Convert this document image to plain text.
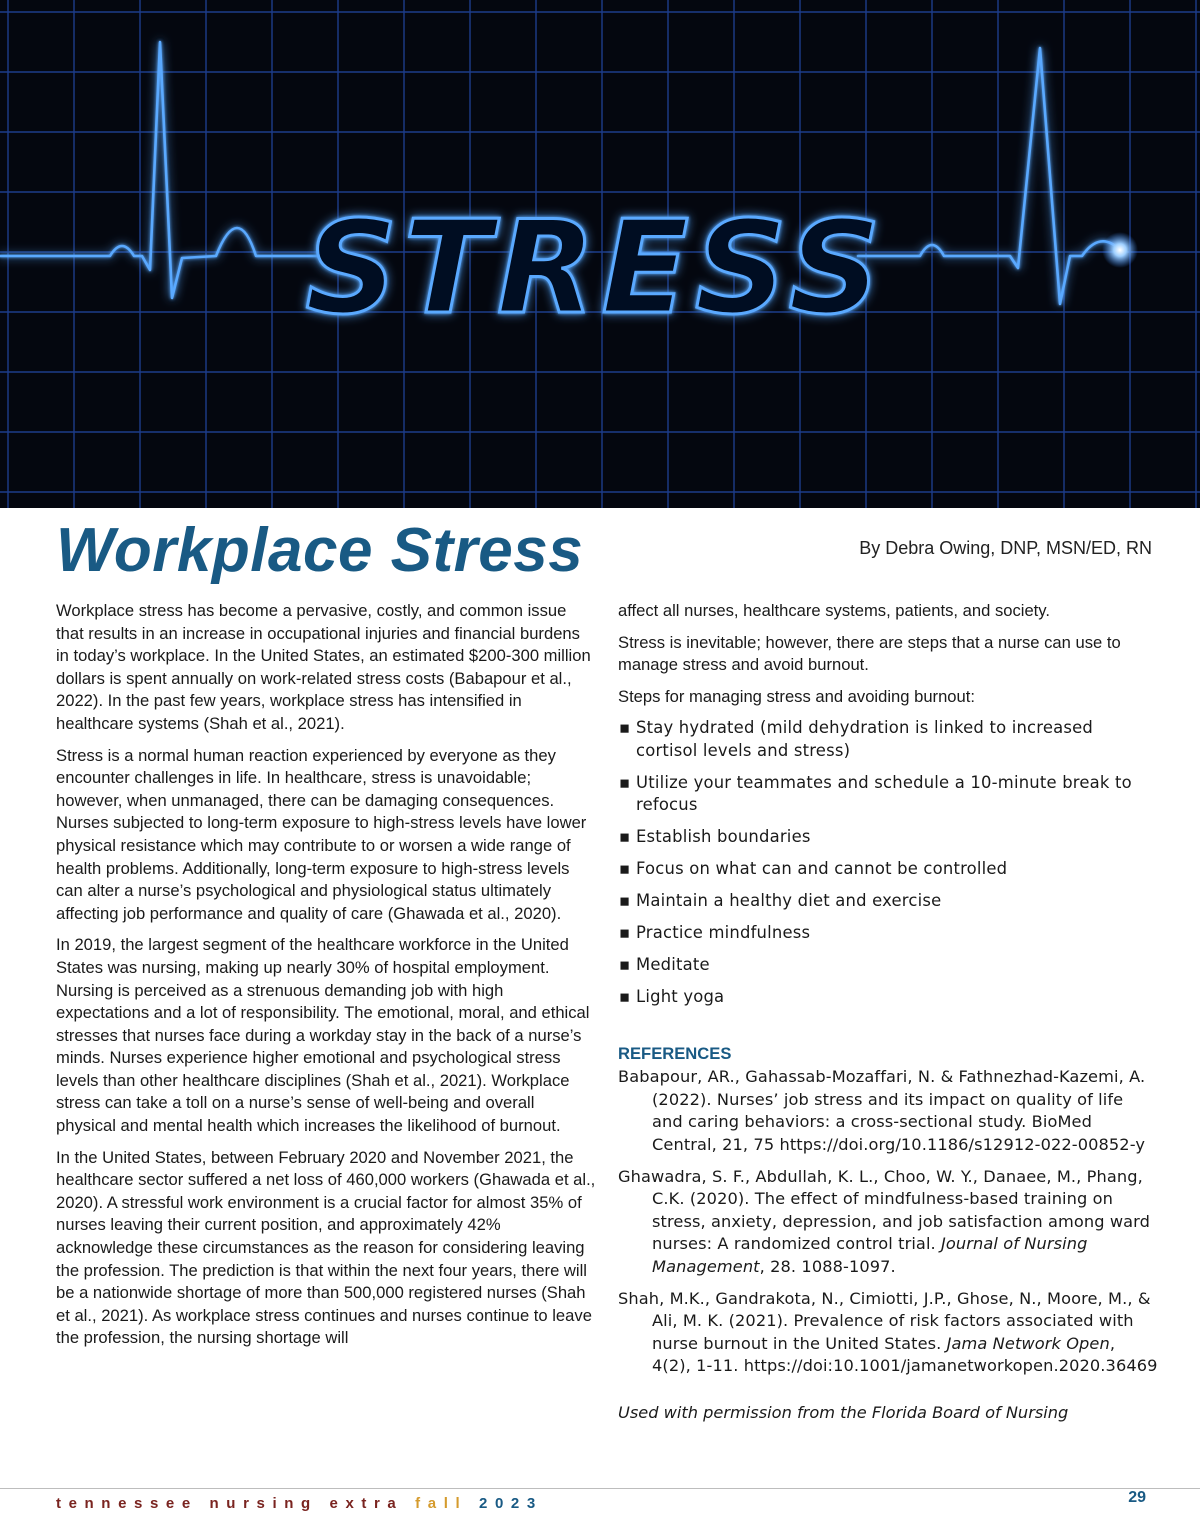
STRESS
Workplace Stress	By Debra Owing, DNP, MSN/ED, RN

Workplace stress has become a pervasive, costly, and common issue that results in an increase in occupational injuries and financial burdens in today’s workplace. In the United States, an estimated $200-300 million dollars is spent annually on work-related stress costs (Babapour et al., 2022). In the past few years, workplace stress has intensified in healthcare systems (Shah et al., 2021).

Stress is a normal human reaction experienced by everyone as they encounter challenges in life. In healthcare, stress is unavoidable; however, when unmanaged, there can be damaging consequences. Nurses subjected to long-term exposure to high-stress levels have lower physical resistance which may contribute to or worsen a wide range of health problems. Additionally, long-term exposure to high-stress levels can alter a nurse’s psychological and physiological status ultimately affecting job performance and quality of care (Ghawada et al., 2020).

In 2019, the largest segment of the healthcare workforce in the United States was nursing, making up nearly 30% of hospital employment. Nursing is perceived as a strenuous demanding job with high expectations and a lot of responsibility. The emotional, moral, and ethical stresses that nurses face during a workday stay in the back of a nurse’s minds. Nurses experience higher emotional and psychological stress levels than other healthcare disciplines (Shah et al., 2021). Workplace stress can take a toll on a nurse’s sense of well-being and overall physical and mental health which increases the likelihood of burnout.

In the United States, between February 2020 and November 2021, the healthcare sector suffered a net loss of 460,000 workers (Ghawada et al., 2020). A stressful work environment is a crucial factor for almost 35% of nurses leaving their current position, and approximately 42% acknowledge these circumstances as the reason for considering leaving the profession. The prediction is that within the next four years, there will be a nationwide shortage of more than 500,000 registered nurses (Shah et al., 2021). As workplace stress continues and nurses continue to leave the profession, the nursing shortage will

affect all nurses, healthcare systems, patients, and society.

Stress is inevitable; however, there are steps that a nurse can use to manage stress and avoid burnout.

Steps for managing stress and avoiding burnout:

▪ Stay hydrated (mild dehydration is linked to increased cortisol levels and stress)
▪ Utilize your teammates and schedule a 10-minute break to refocus
▪ Establish boundaries
▪ Focus on what can and cannot be controlled
▪ Maintain a healthy diet and exercise
▪ Practice mindfulness
▪ Meditate
▪ Light yoga
REFERENCES

Babapour, AR., Gahassab-Mozaffari, N. & Fathnezhad-Kazemi, A. (2022). Nurses’ job stress and its impact on quality of life and caring behaviors: a cross-sectional study. BioMed Central, 21, 75 https://doi.org/10.1186/s12912-022-00852-y

Ghawadra, S. F., Abdullah, K. L., Choo, W. Y., Danaee, M., Phang, C.K. (2020). The effect of mindfulness-based training on stress, anxiety, depression, and job satisfaction among ward nurses: A randomized control trial. Journal of Nursing Management, 28. 1088-1097.

Shah, M.K., Gandrakota, N., Cimiotti, J.P., Ghose, N., Moore, M., & Ali, M. K. (2021). Prevalence of risk factors associated with nurse burnout in the United States. Jama Network Open, 4(2), 1-11. https://doi:10.1001/jamanetworkopen.2020.36469

Used with permission from the Florida Board of Nursing
tennessee nursing extra fall 2023	29
